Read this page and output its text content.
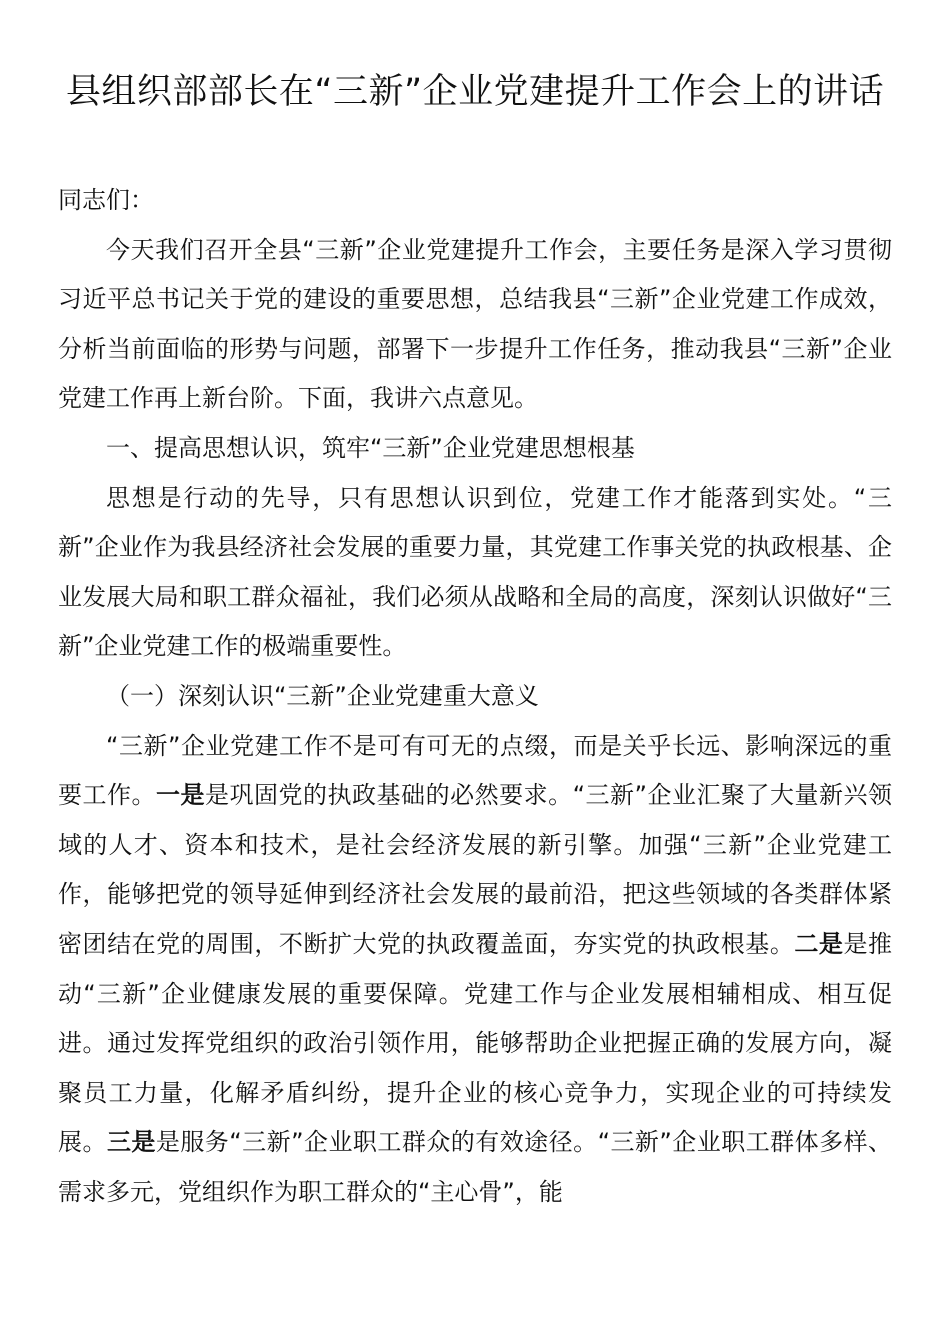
县组织部部长在“三新”企业党建提升工作会上的讲话

同志们：

今天我们召开全县“三新”企业党建提升工作会，主要任务是深入学习贯彻习近平总书记关于党的建设的重要思想，总结我县“三新”企业党建工作成效，分析当前面临的形势与问题，部署下一步提升工作任务，推动我县“三新”企业党建工作再上新台阶。下面，我讲六点意见。

一、提高思想认识，筑牢“三新”企业党建思想根基

思想是行动的先导，只有思想认识到位，党建工作才能落到实处。“三新”企业作为我县经济社会发展的重要力量，其党建工作事关党的执政根基、企业发展大局和职工群众福祉，我们必须从战略和全局的高度，深刻认识做好“三新”企业党建工作的极端重要性。

（一）深刻认识“三新”企业党建重大意义

“三新”企业党建工作不是可有可无的点缀，而是关乎长远、影响深远的重要工作。一是是巩固党的执政基础的必然要求。“三新”企业汇聚了大量新兴领域的人才、资本和技术，是社会经济发展的新引擎。加强“三新”企业党建工作，能够把党的领导延伸到经济社会发展的最前沿，把这些领域的各类群体紧密团结在党的周围，不断扩大党的执政覆盖面，夯实党的执政根基。二是是推动“三新”企业健康发展的重要保障。党建工作与企业发展相辅相成、相互促进。通过发挥党组织的政治引领作用，能够帮助企业把握正确的发展方向，凝聚员工力量，化解矛盾纠纷，提升企业的核心竞争力，实现企业的可持续发展。三是是服务“三新”企业职工群众的有效途径。“三新”企业职工群体多样、需求多元，党组织作为职工群众的“主心骨”，能
